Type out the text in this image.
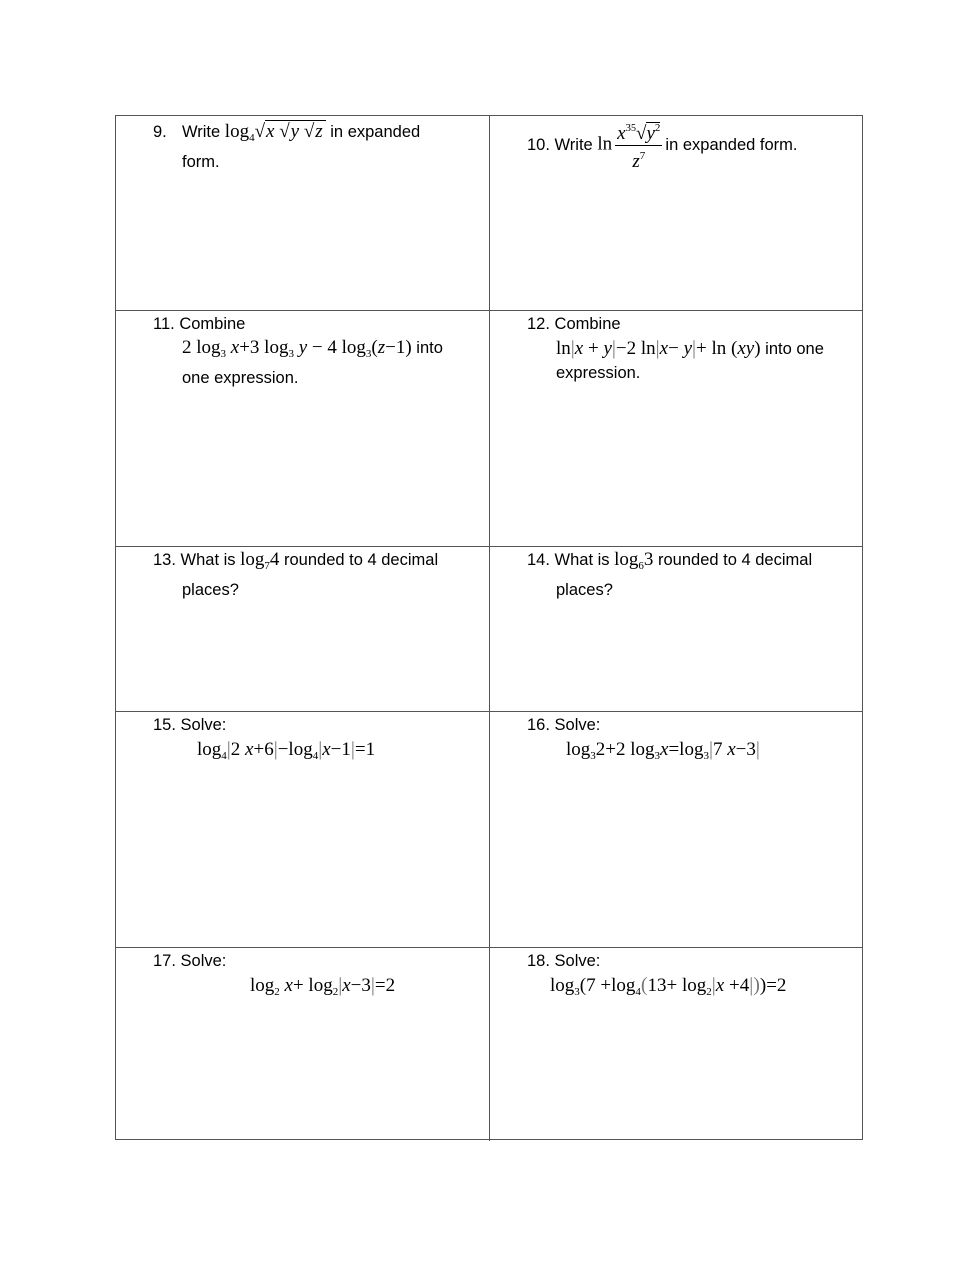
9. Write $\log_4√x$ √y √z in expanded
form.
10.
Write
$\ln \frac{x^{35}√y^2}{z^7}$ in expanded form.
11. Combine
2 $\log_3 x+3$ $\log_3 y - 4$ $\log_3(z-1)$ into
one expression.
12. Combine
ln|x + y|−2 ln|x− y|+ ln (xy) into one
expression.
13. What is $\log_74$ rounded to 4 decimal
places?
14. What is $\log_63$ rounded to 4 decimal
places?
15. Solve:
$\log_4|2$ $x+6|-\log_4|x-1|=1$
16. Solve:
$\log_32+2$ $\log_3x=\log_3|7$ x−3|
17. Solve:
$\log_2 x+ \log_2|x-3|=2$
18. Solve:
$\log_3(7 +\log_4(13+ \log_2|x +4|))=2$
